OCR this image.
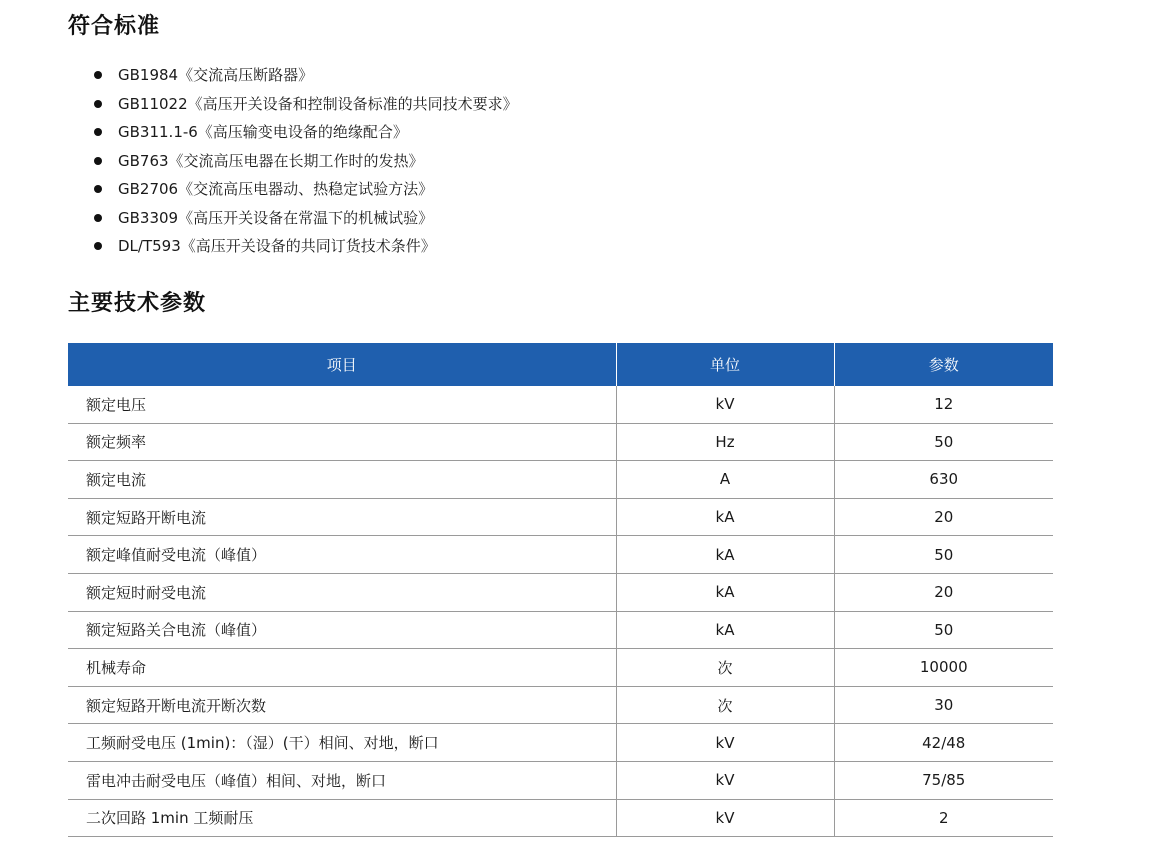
符合标准
GB1984《交流高压断路器》
GB11022《高压开关设备和控制设备标准的共同技术要求》
GB311.1-6《高压输变电设备的绝缘配合》
GB763《交流高压电器在长期工作时的发热》
GB2706《交流高压电器动、热稳定试验方法》
GB3309《高压开关设备在常温下的机械试验》
DL/T593《高压开关设备的共同订货技术条件》
主要技术参数
项目	单位	参数
额定电压	kV	12
额定频率	Hz	50
额定电流	A	630
额定短路开断电流	kA	20
额定峰值耐受电流（峰值）	kA	50
额定短时耐受电流	kA	20
额定短路关合电流（峰值）	kA	50
机械寿命	次	10000
额定短路开断电流开断次数	次	30
工频耐受电压 (1min)：（湿）(干）相间、对地，断口	kV	42/48
雷电冲击耐受电压（峰值）相间、对地，断口	kV	75/85
二次回路 1min 工频耐压	kV	2
